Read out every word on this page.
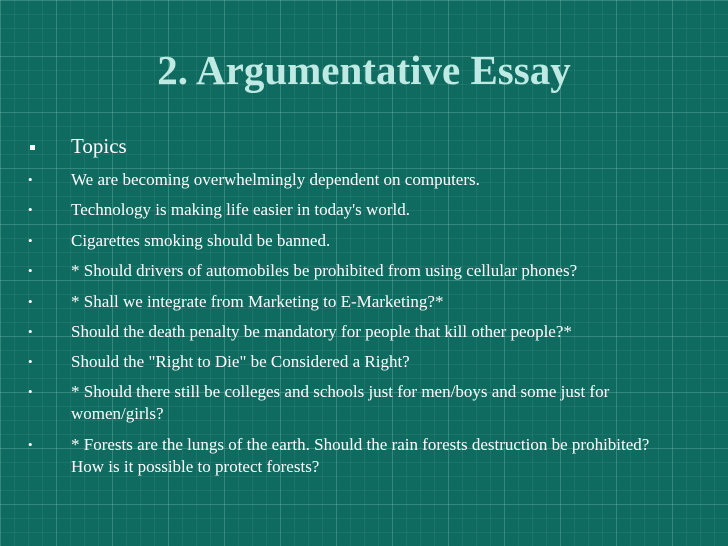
2. Argumentative Essay
Topics
•	We are becoming overwhelmingly dependent on computers.
•	Technology is making life easier in today's world.
•	Cigarettes smoking should be banned.
•	* Should drivers of automobiles be prohibited from using cellular phones?
•	* Shall we integrate from Marketing to E-Marketing?*
•	Should the death penalty be mandatory for people that kill other people?*
•	Should the "Right to Die" be Considered a Right?
•	* Should there still be colleges and schools just for men/boys and some just for women/girls?
•	* Forests are the lungs of the earth. Should the rain forests destruction be prohibited? How is it possible to protect forests?
